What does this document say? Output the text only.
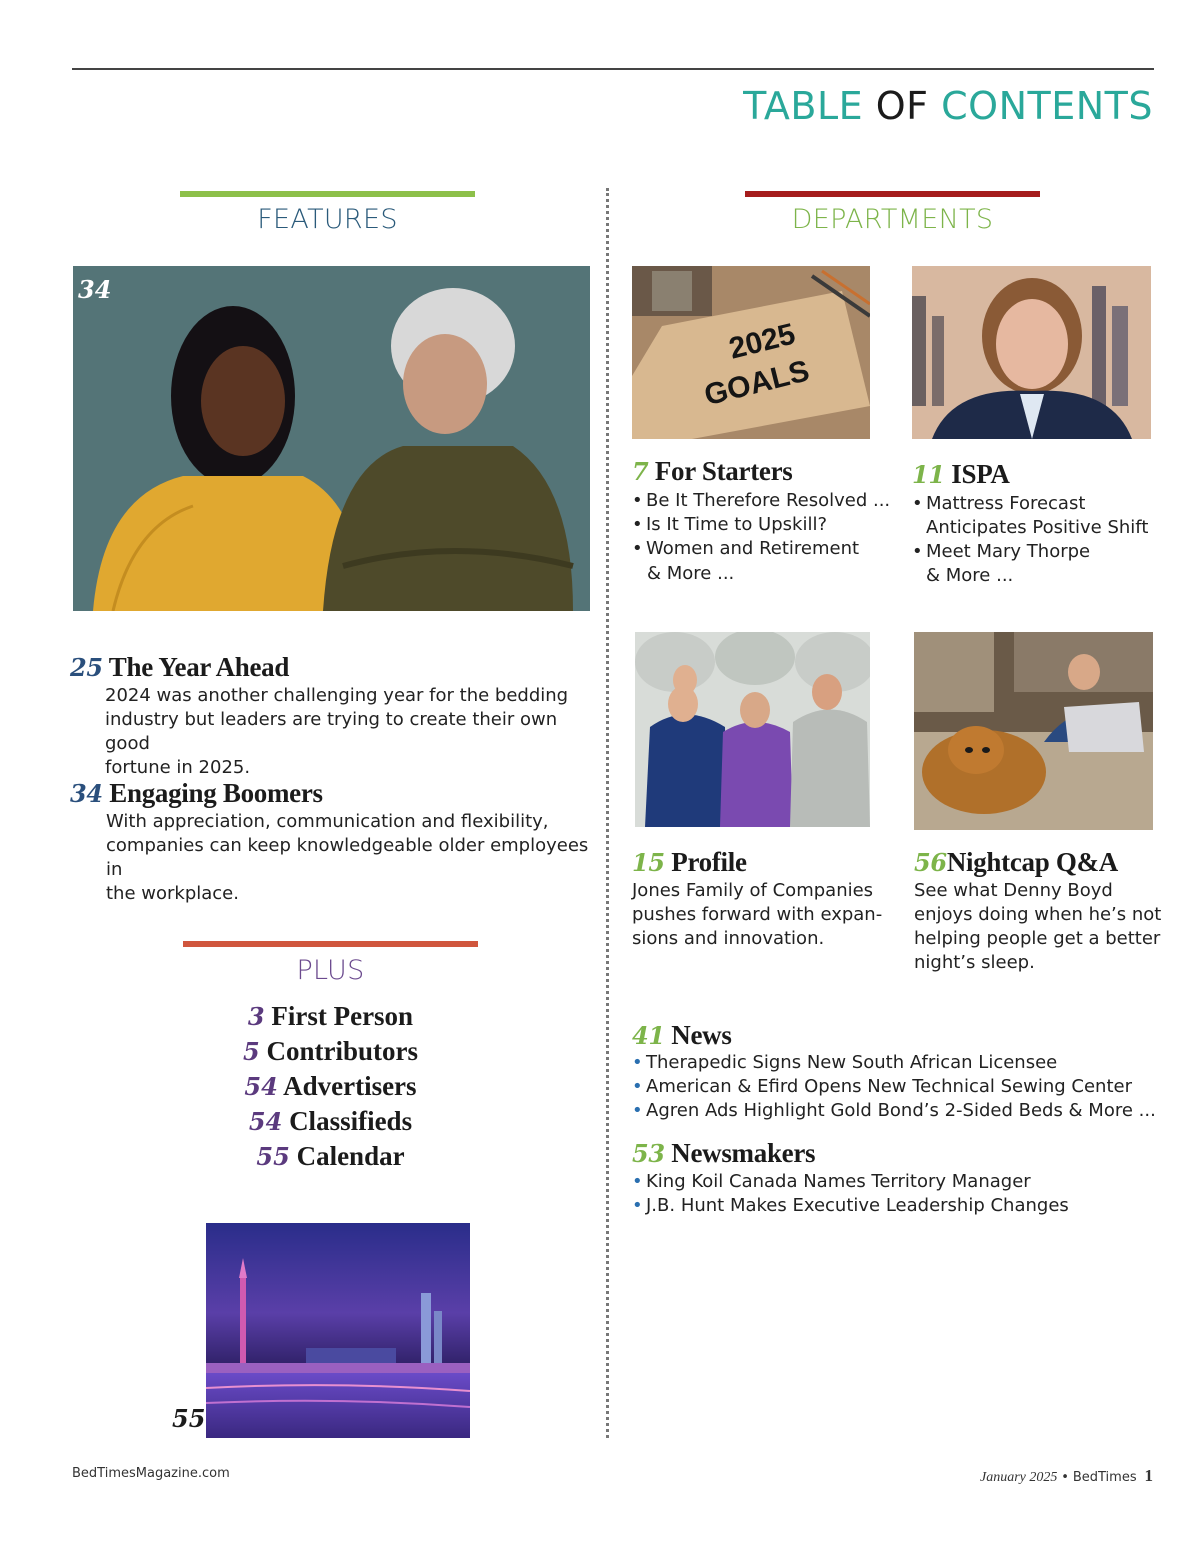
TABLE OF CONTENTS
FEATURES
34
25 The Year Ahead
2024 was another challenging year for the bedding
industry but leaders are trying to create their own good
fortune in 2025.
34 Engaging Boomers
With appreciation, communication and flexibility,
companies can keep knowledgeable older employees in
the workplace.
PLUS
3 First Person
5 Contributors
54 Advertisers
54 Classifieds
55 Calendar
55
DEPARTMENTS
2025
GOALS
7 For Starters
• Be It Therefore Resolved ...
• Is It Time to Upskill?
• Women and Retirement
& More ...
11 ISPA
• Mattress Forecast
Anticipates Positive Shift
• Meet Mary Thorpe
& More ...
15 Profile
Jones Family of Companies
pushes forward with expan-
sions and innovation.
56Nightcap Q&A
See what Denny Boyd
enjoys doing when he’s not
helping people get a better
night’s sleep.
41 News
• Therapedic Signs New South African Licensee
• American & Efird Opens New Technical Sewing Center
• Agren Ads Highlight Gold Bond’s 2-Sided Beds & More ...
53 Newsmakers
• King Koil Canada Names Territory Manager
• J.B. Hunt Makes Executive Leadership Changes
BedTimesMagazine.com	January 2025 • BedTimes 1
